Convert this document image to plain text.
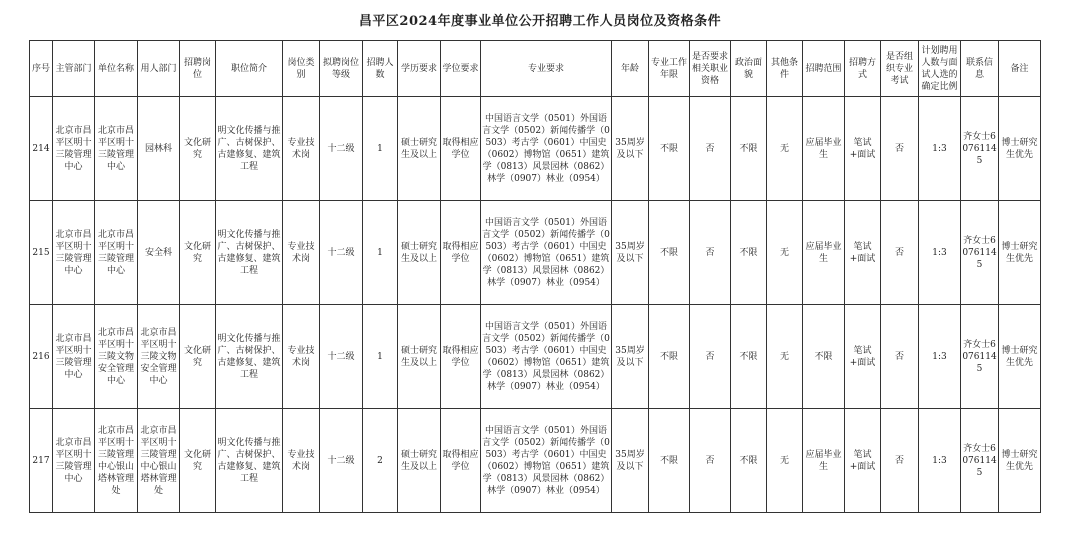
昌平区2024年度事业单位公开招聘工作人员岗位及资格条件
序号	主管部门	单位名称	用人部门	招聘岗位	职位简介	岗位类别	拟聘岗位等级	招聘人数	学历要求	学位要求	专业要求	年龄	专业工作年限	是否要求相关职业资格	政治面貌	其他条件	招聘范围	招聘方式	是否组织专业考试	计划聘用人数与面试人选的确定比例	联系信息	备注
214	北京市昌平区明十三陵管理中心	北京市昌平区明十三陵管理中心	园林科	文化研究	明文化传播与推广、古树保护、古建修复、建筑工程	专业技术岗	十二级	1	硕士研究生及以上	取得相应学位	中国语言文学（0501）外国语言文学（0502）新闻传播学（0503）考古学（0601）中国史（0602）博物馆（0651）建筑学（0813）风景园林（0862）林学（0907）林业（0954）	35周岁及以下	不限	否	不限	无	应届毕业生	笔试+面试	否	1:3	齐女士60761145	博士研究生优先
215	北京市昌平区明十三陵管理中心	北京市昌平区明十三陵管理中心	安全科	文化研究	明文化传播与推广、古树保护、古建修复、建筑工程	专业技术岗	十二级	1	硕士研究生及以上	取得相应学位	中国语言文学（0501）外国语言文学（0502）新闻传播学（0503）考古学（0601）中国史（0602）博物馆（0651）建筑学（0813）风景园林（0862）林学（0907）林业（0954）	35周岁及以下	不限	否	不限	无	应届毕业生	笔试+面试	否	1:3	齐女士60761145	博士研究生优先
216	北京市昌平区明十三陵管理中心	北京市昌平区明十三陵文物安全管理中心	北京市昌平区明十三陵文物安全管理中心	文化研究	明文化传播与推广、古树保护、古建修复、建筑工程	专业技术岗	十二级	1	硕士研究生及以上	取得相应学位	中国语言文学（0501）外国语言文学（0502）新闻传播学（0503）考古学（0601）中国史（0602）博物馆（0651）建筑学（0813）风景园林（0862）林学（0907）林业（0954）	35周岁及以下	不限	否	不限	无	不限	笔试+面试	否	1:3	齐女士60761145	博士研究生优先
217	北京市昌平区明十三陵管理中心	北京市昌平区明十三陵管理中心银山塔林管理处	北京市昌平区明十三陵管理中心银山塔林管理处	文化研究	明文化传播与推广、古树保护、古建修复、建筑工程	专业技术岗	十二级	2	硕士研究生及以上	取得相应学位	中国语言文学（0501）外国语言文学（0502）新闻传播学（0503）考古学（0601）中国史（0602）博物馆（0651）建筑学（0813）风景园林（0862）林学（0907）林业（0954）	35周岁及以下	不限	否	不限	无	应届毕业生	笔试+面试	否	1:3	齐女士60761145	博士研究生优先
